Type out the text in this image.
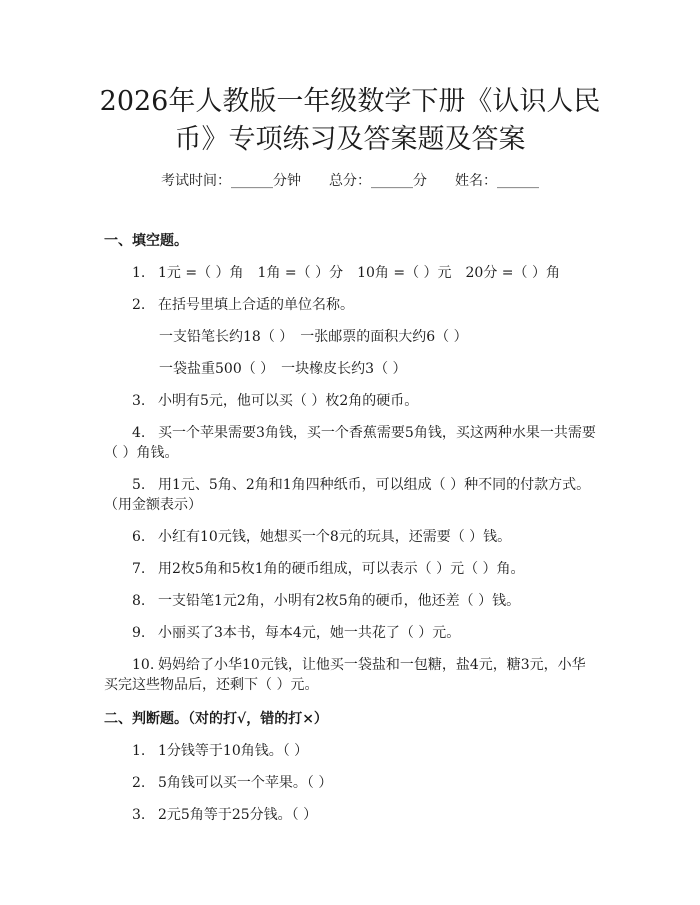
2026年人教版一年级数学下册《认识人民
币》专项练习及答案题及答案
考试时间：______分钟　　总分：______分　　姓名：______
一、填空题。
1. 1元 =（ ）角　1角 =（ ）分　10角 =（ ）元　20分 =（ ）角
2. 在括号里填上合适的单位名称。
一支铅笔长约18（ ）　一张邮票的面积大约6（ ）
一袋盐重500（ ）　一块橡皮长约3（ ）
3. 小明有5元，他可以买（ ）枚2角的硬币。
4. 买一个苹果需要3角钱，买一个香蕉需要5角钱，买这两种水果一共需要
（ ）角钱。
5. 用1元、5角、2角和1角四种纸币，可以组成（ ）种不同的付款方式。
（用金额表示）
6. 小红有10元钱，她想买一个8元的玩具，还需要（ ）钱。
7. 用2枚5角和5枚1角的硬币组成，可以表示（ ）元（ ）角。
8. 一支铅笔1元2角，小明有2枚5角的硬币，他还差（ ）钱。
9. 小丽买了3本书，每本4元，她一共花了（ ）元。
10. 妈妈给了小华10元钱，让他买一袋盐和一包糖，盐4元，糖3元，小华
买完这些物品后，还剩下（ ）元。
二、判断题。（对的打√，错的打×）
1. 1分钱等于10角钱。（ ）
2. 5角钱可以买一个苹果。（ ）
3. 2元5角等于25分钱。（ ）
